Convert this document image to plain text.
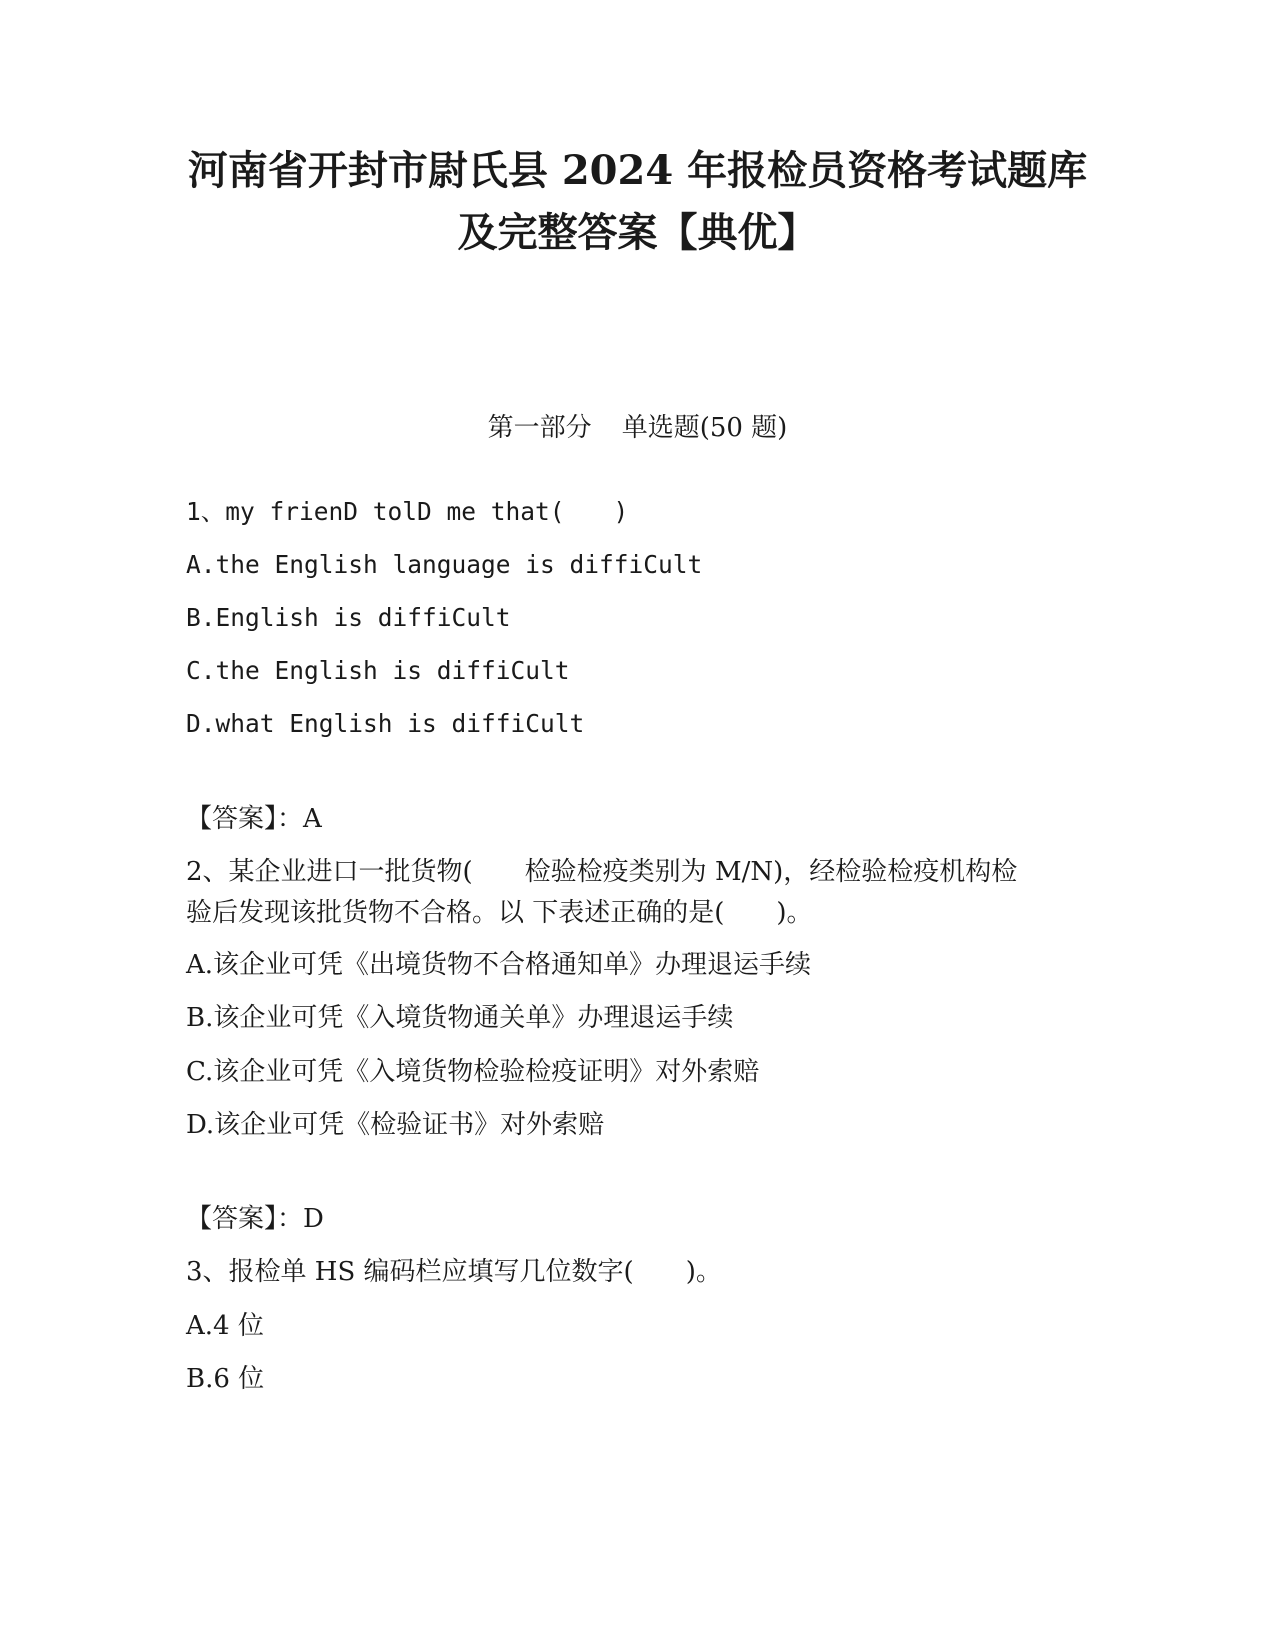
河南省开封市尉氏县 2024 年报检员资格考试题库
及完整答案【典优】

第一部分 单选题(50 题)

1、my frienD tolD me that(　　)

A.the English language is diffiCult

B.English is diffiCult

C.the English is diffiCult

D.what English is diffiCult

【答案】：A

2、某企业进口一批货物(　　检验检疫类别为 M/N)，经检验检疫机构检

验后发现该批货物不合格。以 下表述正确的是(　　)。

A.该企业可凭《出境货物不合格通知单》办理退运手续

B.该企业可凭《入境货物通关单》办理退运手续

C.该企业可凭《入境货物检验检疫证明》对外索赔

D.该企业可凭《检验证书》对外索赔

【答案】：D

3、报检单 HS 编码栏应填写几位数字(　　)。

A.4 位

B.6 位
